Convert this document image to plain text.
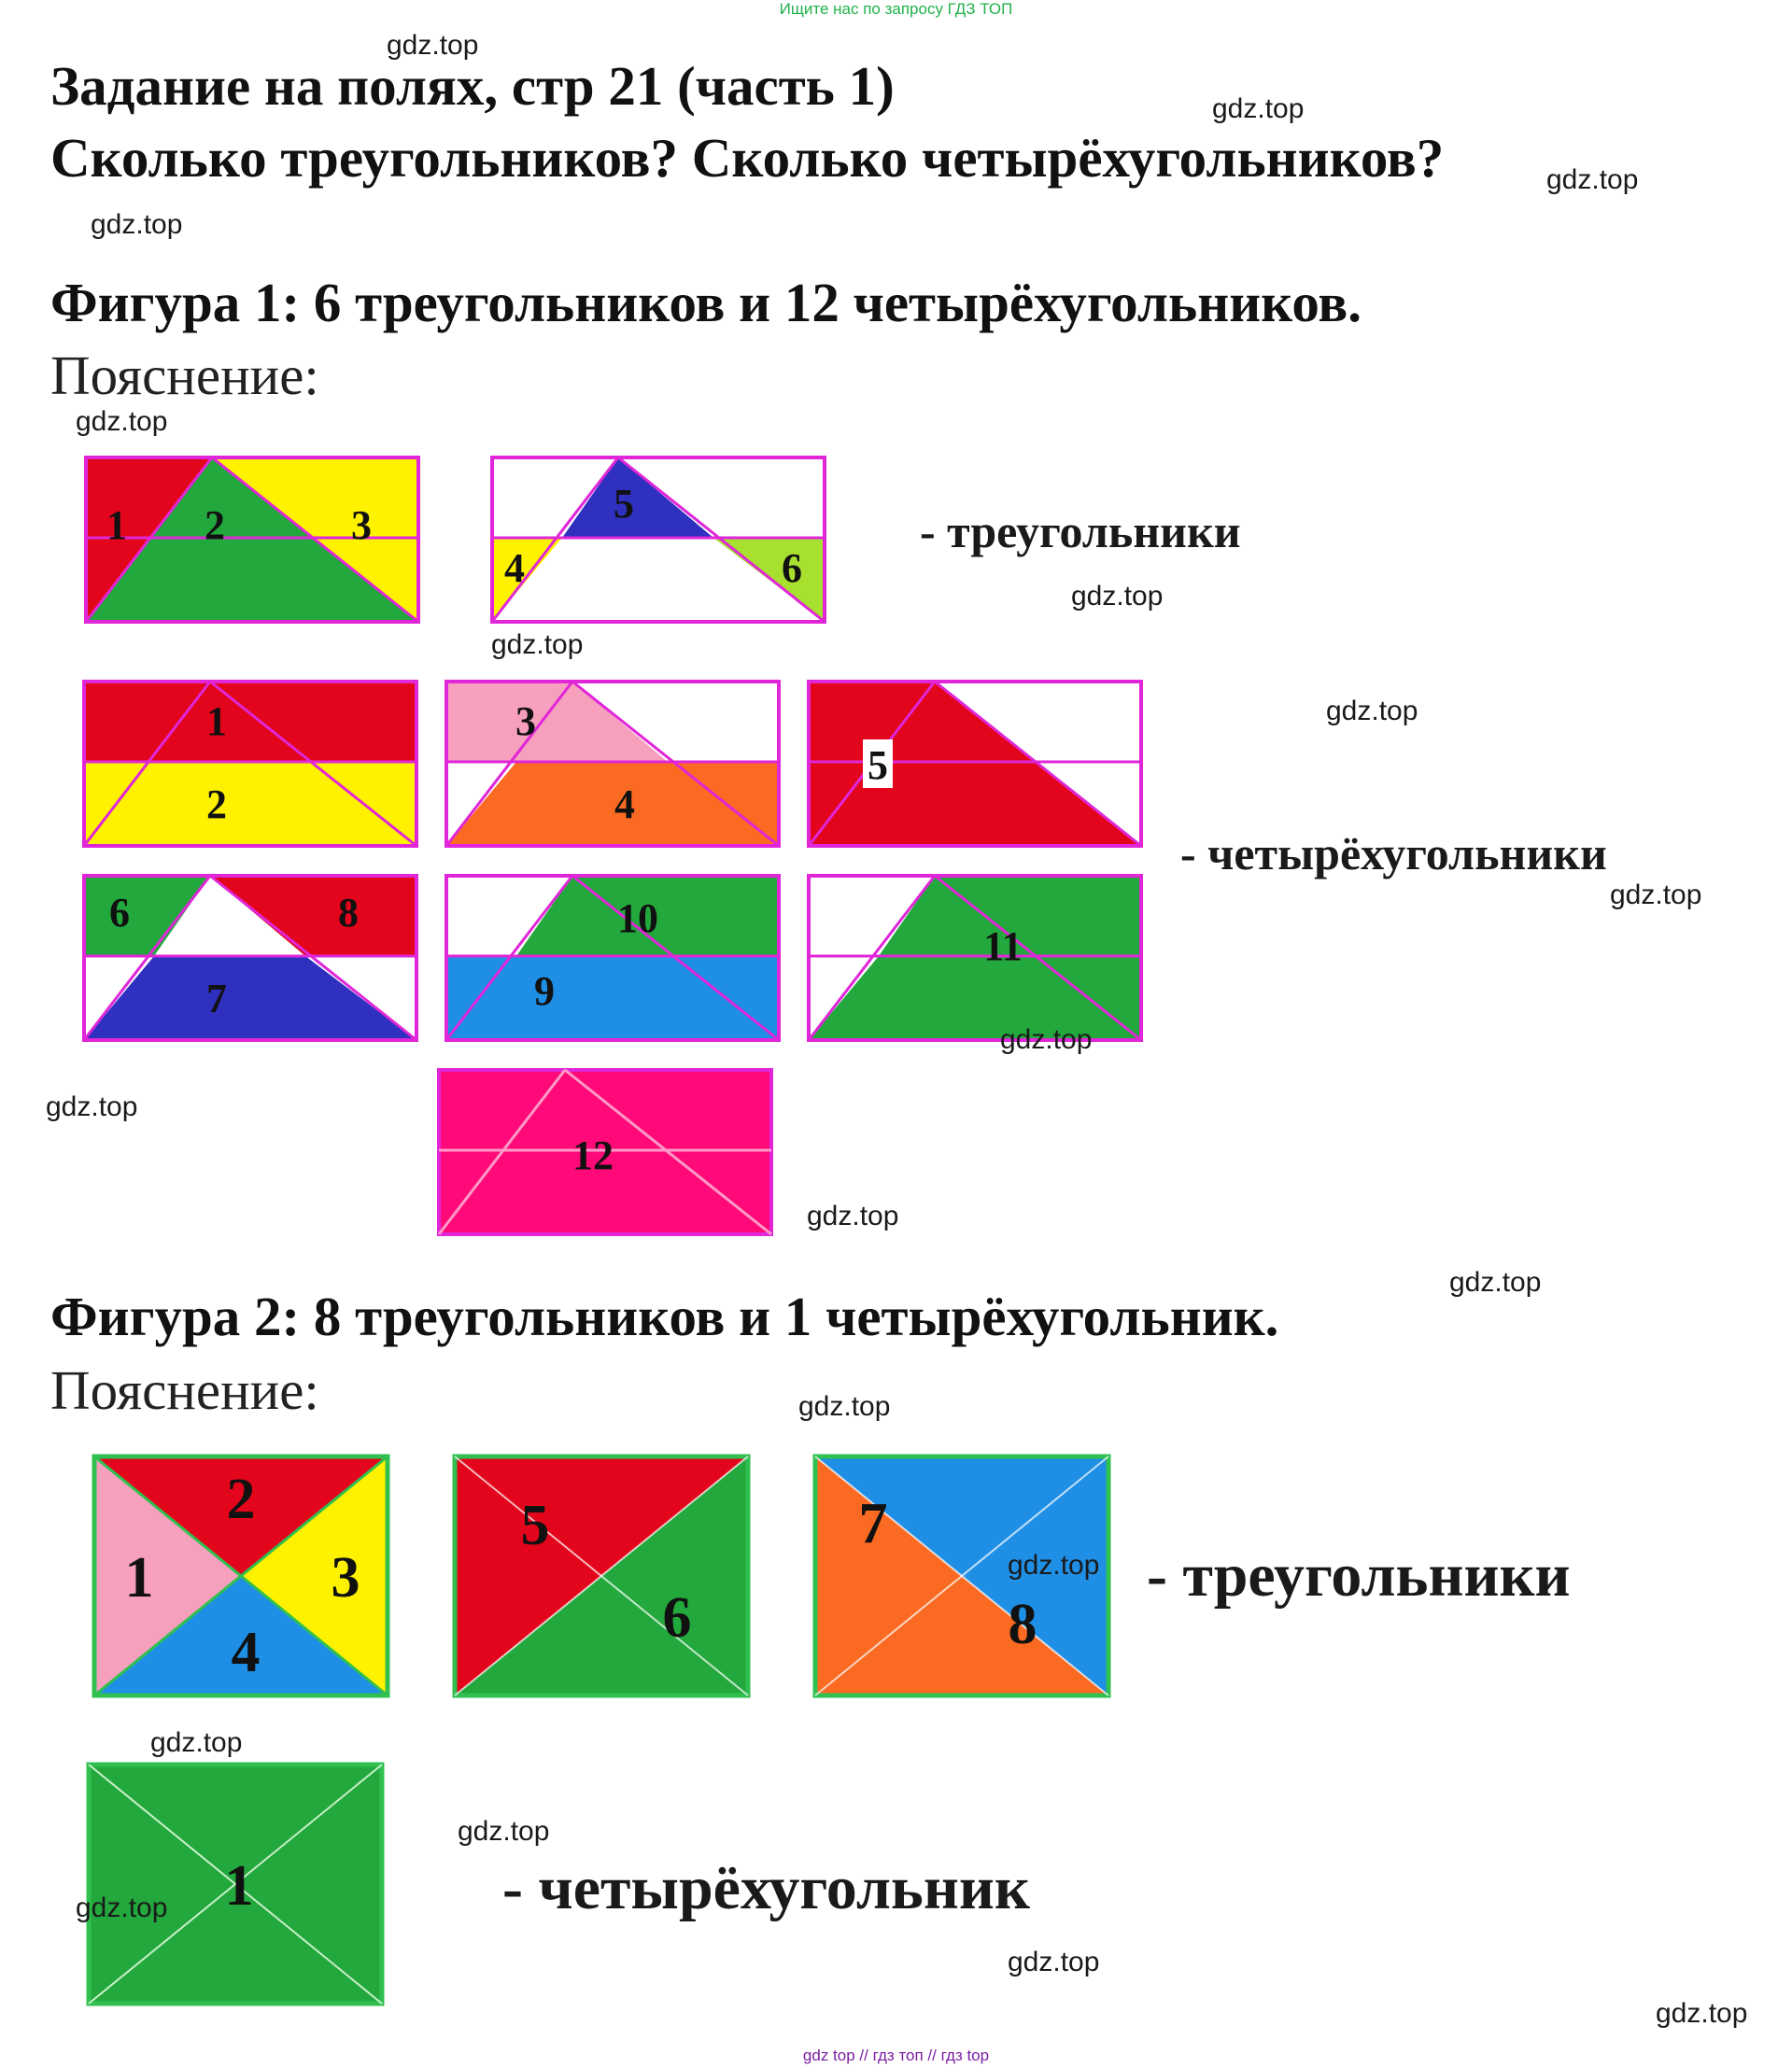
Ищите нас по запросу ГДЗ ТОП
Задание на полях, стр 21 (часть 1)
Сколько треугольников? Сколько четырёхугольников?
Фигура 1: 6 треугольников и 12 четырёхугольников.
Пояснение:
1 2	3	5
4	6
- треугольники
1
2
3
4
5
- четырёхугольники
6	8
7
10
9
11
12
Фигура 2: 8 треугольников и 1 четырёхугольник.
Пояснение:
2
1	3
4
5
6
7
8
- треугольники
1	- четырёхугольник
gdz.top
gdz.top
gdz.top
gdz.top
gdz.top
gdz.top
gdz.top
gdz.top
gdz.top
gdz.top
gdz.top
gdz.top
gdz.top
gdz.top
gdz.top
gdz.top
gdz.top
gdz.top
gdz.top
gdz.top
gdz top // гдз топ // гдз top
